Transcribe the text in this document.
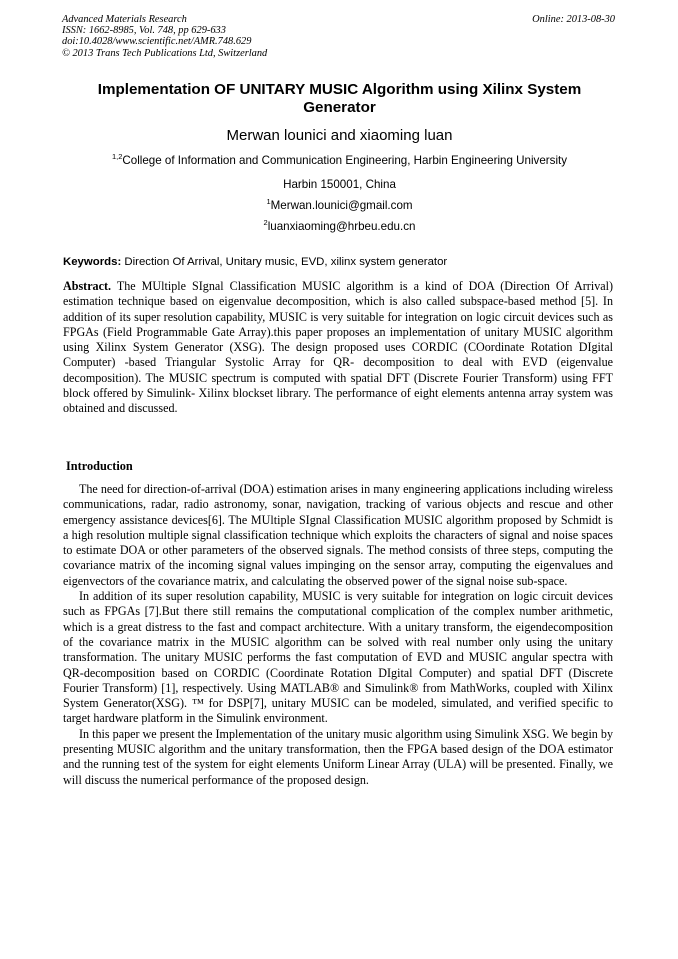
Advanced Materials Research
ISSN: 1662-8985, Vol. 748, pp 629-633
doi:10.4028/www.scientific.net/AMR.748.629
© 2013 Trans Tech Publications Ltd, Switzerland
Online: 2013-08-30
Implementation OF UNITARY MUSIC Algorithm using Xilinx System Generator
Merwan lounici and xiaoming luan
$^{1,2}$College of Information and Communication Engineering, Harbin Engineering University
Harbin 150001, China
$^1$Merwan.lounici@gmail.com
$^2$luanxiaoming@hrbeu.edu.cn
Keywords: Direction Of Arrival, Unitary music, EVD, xilinx system generator
Abstract. The MUltiple SIgnal Classification MUSIC algorithm is a kind of DOA (Direction Of Arrival) estimation technique based on eigenvalue decomposition, which is also called subspace-based method [5]. In addition of its super resolution capability, MUSIC is very suitable for integration on logic circuit devices such as FPGAs (Field Programmable Gate Array).this paper proposes an implementation of unitary MUSIC algorithm using Xilinx System Generator (XSG). The design proposed uses CORDIC (COordinate Rotation DIgital Computer) -based Triangular Systolic Array for QR- decomposition to deal with EVD (eigenvalue decomposition). The MUSIC spectrum is computed with spatial DFT (Discrete Fourier Transform) using FFT block offered by Simulink- Xilinx blockset library. The performance of eight elements antenna array system was obtained and discussed.
Introduction

The need for direction-of-arrival (DOA) estimation arises in many engineering applications including wireless communications, radar, radio astronomy, sonar, navigation, tracking of various objects and rescue and other emergency assistance devices[6]. The MUltiple SIgnal Classification MUSIC algorithm proposed by Schmidt is a high resolution multiple signal classification technique which exploits the characters of signal and noise spaces to estimate DOA or other parameters of the observed signals. The method consists of three steps, computing the covariance matrix of the incoming signal values impinging on the sensor array, computing the eigenvalues and eigenvectors of the covariance matrix, and calculating the observed power of the signal noise sub-space.

In addition of its super resolution capability, MUSIC is very suitable for integration on logic circuit devices such as FPGAs [7].But there still remains the computational complication of the complex number arithmetic, which is a great distress to the fast and compact architecture. With a unitary transform, the eigendecomposition of the covariance matrix in the MUSIC algorithm can be solved with real number only using the unitary transformation. The unitary MUSIC performs the fast computation of EVD and MUSIC angular spectra with QR-decomposition based on CORDIC (Coordinate Rotation DIgital Computer) and spatial DFT (Discrete Fourier Transform) [1], respectively. Using MATLAB® and Simulink® from MathWorks, coupled with Xilinx System Generator(XSG). ™ for DSP[7], unitary MUSIC can be modeled, simulated, and verified specific to target hardware platform in the Simulink environment.

In this paper we present the Implementation of the unitary music algorithm using Simulink XSG. We begin by presenting MUSIC algorithm and the unitary transformation, then the FPGA based design of the DOA estimator and the running test of the system for eight elements Uniform Linear Array (ULA) will be presented. Finally, we will discuss the numerical performance of the proposed design.
